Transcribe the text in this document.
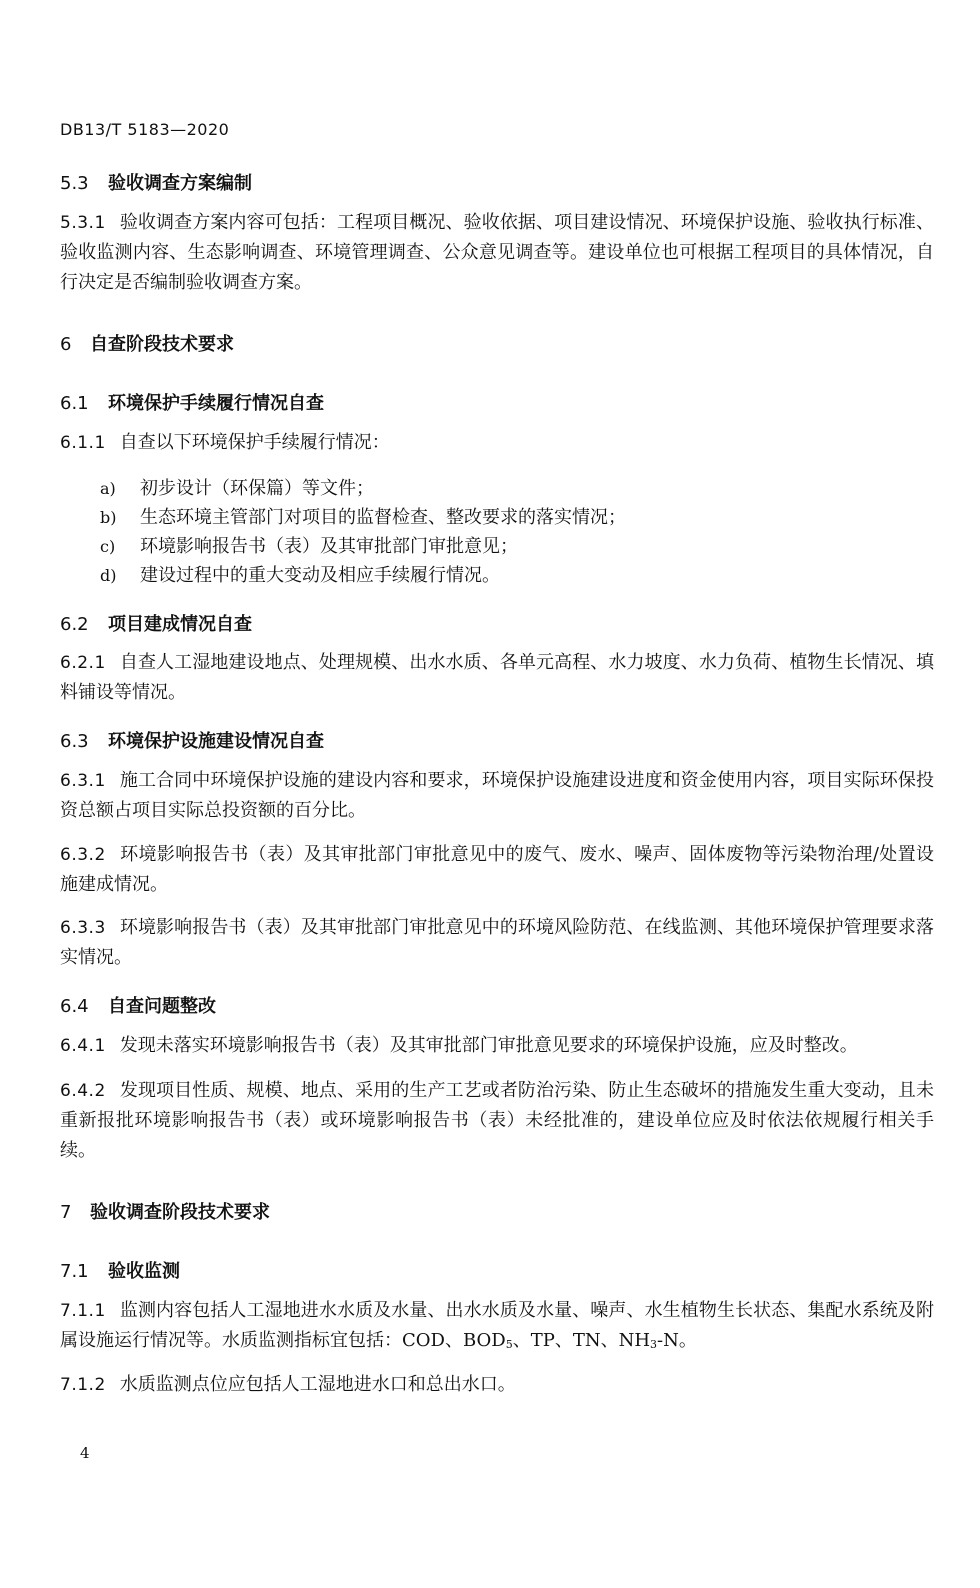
DB13/T 5183—2020
5.3 验收调查方案编制

5.3.1 验收调查方案内容可包括：工程项目概况、验收依据、项目建设情况、环境保护设施、验收执行标准、验收监测内容、生态影响调查、环境管理调查、公众意见调查等。建设单位也可根据工程项目的具体情况，自行决定是否编制验收调查方案。

6 自查阶段技术要求
6.1 环境保护手续履行情况自查

6.1.1 自查以下环境保护手续履行情况：

a) 初步设计（环保篇）等文件；
b) 生态环境主管部门对项目的监督检查、整改要求的落实情况；
c) 环境影响报告书（表）及其审批部门审批意见；
d) 建设过程中的重大变动及相应手续履行情况。
6.2 项目建成情况自查

6.2.1 自查人工湿地建设地点、处理规模、出水水质、各单元高程、水力坡度、水力负荷、植物生长情况、填料铺设等情况。

6.3 环境保护设施建设情况自查

6.3.1 施工合同中环境保护设施的建设内容和要求，环境保护设施建设进度和资金使用内容，项目实际环保投资总额占项目实际总投资额的百分比。

6.3.2 环境影响报告书（表）及其审批部门审批意见中的废气、废水、噪声、固体废物等污染物治理/处置设施建成情况。

6.3.3 环境影响报告书（表）及其审批部门审批意见中的环境风险防范、在线监测、其他环境保护管理要求落实情况。

6.4 自查问题整改

6.4.1 发现未落实环境影响报告书（表）及其审批部门审批意见要求的环境保护设施，应及时整改。

6.4.2 发现项目性质、规模、地点、采用的生产工艺或者防治污染、防止生态破坏的措施发生重大变动，且未重新报批环境影响报告书（表）或环境影响报告书（表）未经批准的，建设单位应及时依法依规履行相关手续。

7 验收调查阶段技术要求
7.1 验收监测

7.1.1 监测内容包括人工湿地进水水质及水量、出水水质及水量、噪声、水生植物生长状态、集配水系统及附属设施运行情况等。水质监测指标宜包括：COD、$BOD_5$、TP、TN、$NH_3-N$。

7.1.2 水质监测点位应包括人工湿地进水口和总出水口。

4
